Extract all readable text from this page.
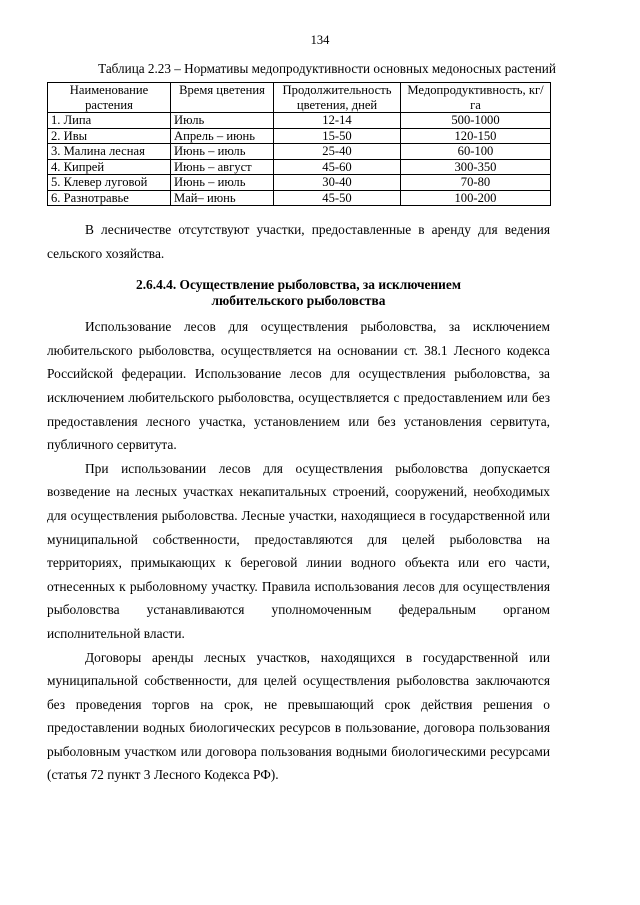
134
Таблица 2.23 – Нормативы медопродуктивности основных медоносных растений
Наименование растения	Время цветения	Продолжительность цветения, дней	Медопродуктивность, кг/га
1. Липа	Июль	12-14	500-1000
2. Ивы	Апрель – июнь	15-50	120-150
3. Малина лесная	Июнь – июль	25-40	60-100
4. Кипрей	Июнь – август	45-60	300-350
5. Клевер луговой	Июнь – июль	30-40	70-80
6. Разнотравье	Май– июнь	45-50	100-200

В лесничестве отсутствуют участки, предоставленные в аренду для ведения сельского хозяйства.

2.6.4.4. Осуществление рыболовства, за исключением
любительского рыболовства

Использование лесов для осуществления рыболовства, за исключением любительского рыболовства, осуществляется на основании ст. 38.1 Лесного кодекса Российской федерации. Использование лесов для осуществления рыболовства, за исключением любительского рыболовства, осуществляется с предоставлением или без предоставления лесного участка, установлением или без установления сервитута, публичного сервитута.

При использовании лесов для осуществления рыболовства допускается возведение на лесных участках некапитальных строений, сооружений, необходимых для осуществления рыболовства. Лесные участки, находящиеся в государственной или муниципальной собственности, предоставляются для целей рыболовства на территориях, примыкающих к береговой линии водного объекта или его части, отнесенных к рыболовному участку. Правила использования лесов для осуществления рыболовства устанавливаются уполномоченным федеральным органом исполнительной власти.

Договоры аренды лесных участков, находящихся в государственной или муниципальной собственности, для целей осуществления рыболовства заключаются без проведения торгов на срок, не превышающий срок действия решения о предоставлении водных биологических ресурсов в пользование, договора пользования рыболовным участком или договора пользования водными биологическими ресурсами (статья 72 пункт 3 Лесного Кодекса РФ).
